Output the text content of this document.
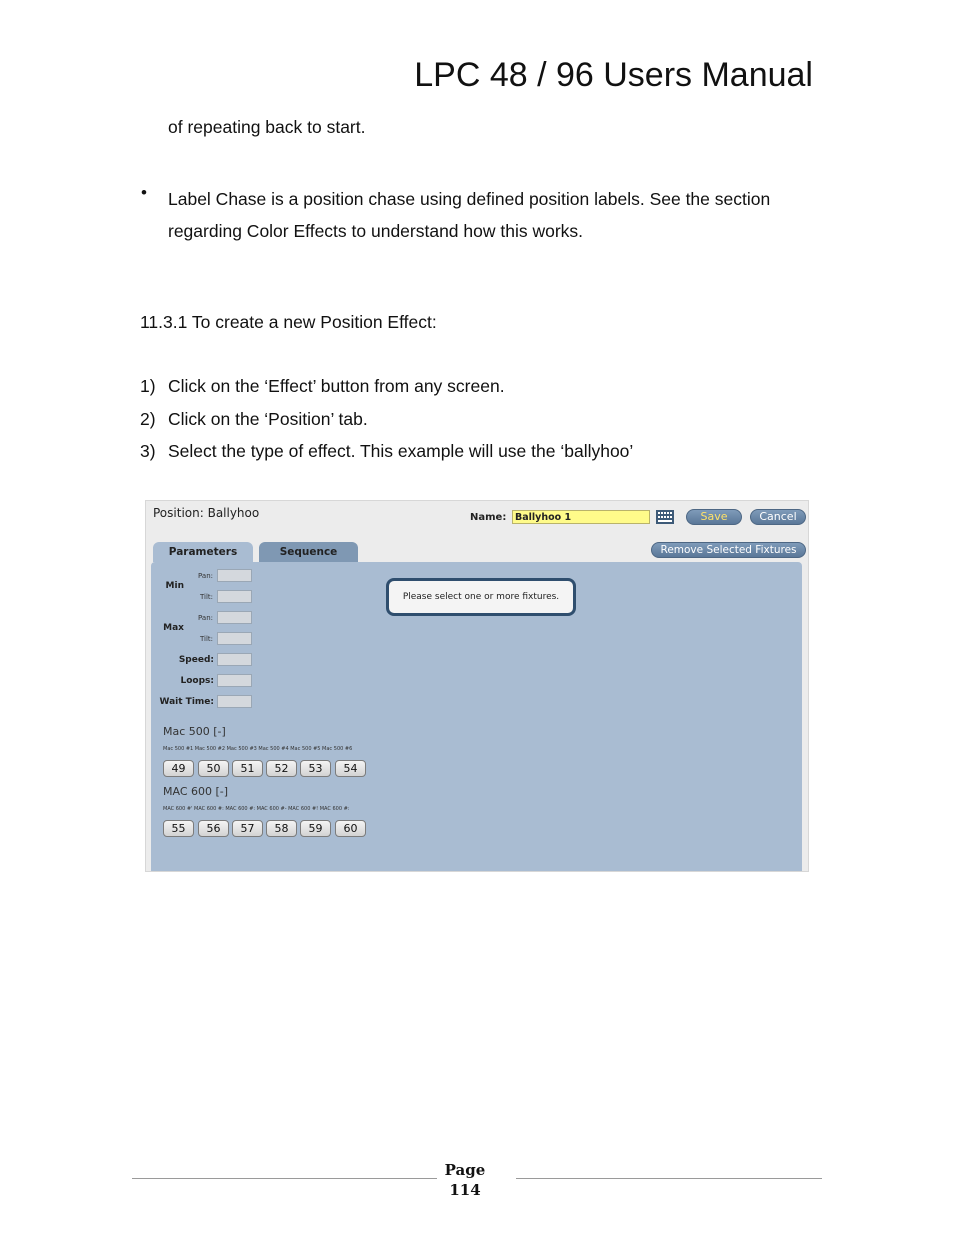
LPC 48 / 96 Users Manual
of repeating back to start.
• Label Chase is a position chase using defined position labels. See the section regarding Color Effects to understand how this works.
11.3.1 To create a new Position Effect:
1) Click on the ‘Effect’ button from any screen.
2) Click on the ‘Position’ tab.
3) Select the type of effect. This example will use the ‘ballyhoo’
Position: Ballyhoo	Name: Ballyhoo 1	Save	Cancel
Parameters	Sequence	Remove Selected Fixtures
Min
Pan:
Tilt:
Max
Pan:
Tilt:
Speed:
Loops:
Wait Time:
Please select one or more fixtures.
Mac 500 [-]
Mac 500 #1 Mac 500 #2 Mac 500 #3 Mac 500 #4 Mac 500 #5 Mac 500 #6
49	50	51	52	53	54
MAC 600 [-]
MAC 600 #' MAC 600 #: MAC 600 #: MAC 600 #- MAC 600 #! MAC 600 #:
55	56	57	58	59	60
Page
114
